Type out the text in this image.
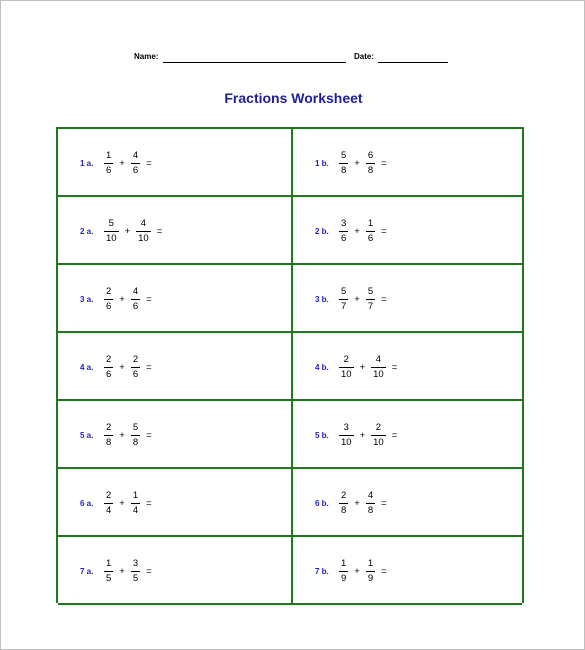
Name:	Date:
Fractions Worksheet
1 a. $\frac{1}{6} + \frac{4}{6}$ =	1 b. $\frac{5}{8} + \frac{6}{8}$ =
2 a. $\frac{5}{10} + \frac{4}{10}$ =	2 b. $\frac{3}{6} + \frac{1}{6}$ =
3 a. $\frac{2}{6} + \frac{4}{6}$ =	3 b. $\frac{5}{7} + \frac{5}{7}$ =
4 a. $\frac{2}{6} + \frac{2}{6}$ =	4 b. $\frac{2}{10} + \frac{4}{10}$ =
5 a. $\frac{2}{8} + \frac{5}{8}$ =	5 b. $\frac{3}{10} + \frac{2}{10}$ =
6 a. $\frac{2}{4} + \frac{1}{4}$ =	6 b. $\frac{2}{8} + \frac{4}{8}$ =
7 a. $\frac{1}{5} + \frac{3}{5}$ =	7 b. $\frac{1}{9} + \frac{1}{9}$ =
